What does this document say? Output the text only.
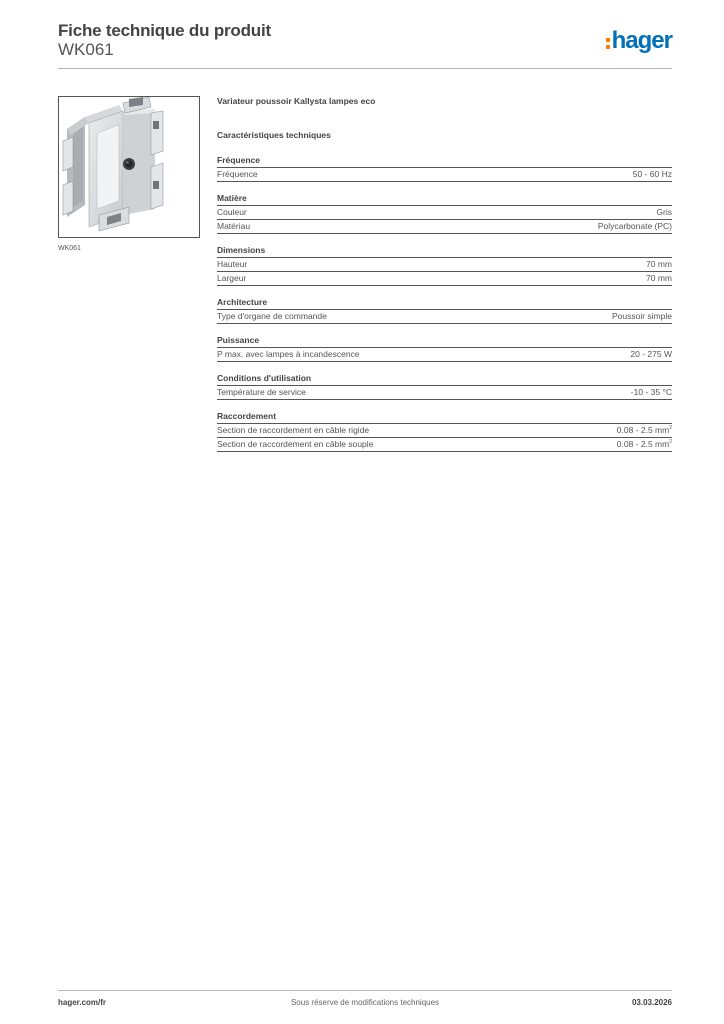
Fiche technique du produit
WK061	hager
WK061
Variateur poussoir Kallysta lampes eco
Caractéristiques techniques
Fréquence
Fréquence	50 - 60 Hz
Matière
Couleur	Gris
Matériau	Polycarbonate (PC)
Dimensions
Hauteur	70 mm
Largeur	70 mm
Architecture
Type d'organe de commande	Poussoir simple
Puissance
P max. avec lampes à incandescence	20 - 275 W
Conditions d'utilisation
Température de service	-10 - 35 °C
Raccordement
Section de raccordement en câble rigide	0.08 - 2.5 $mm^2$
Section de raccordement en câble souple	0.08 - 2.5 $mm^2$
Sous réserve de modifications techniques
hager.com/fr	03.03.2026
